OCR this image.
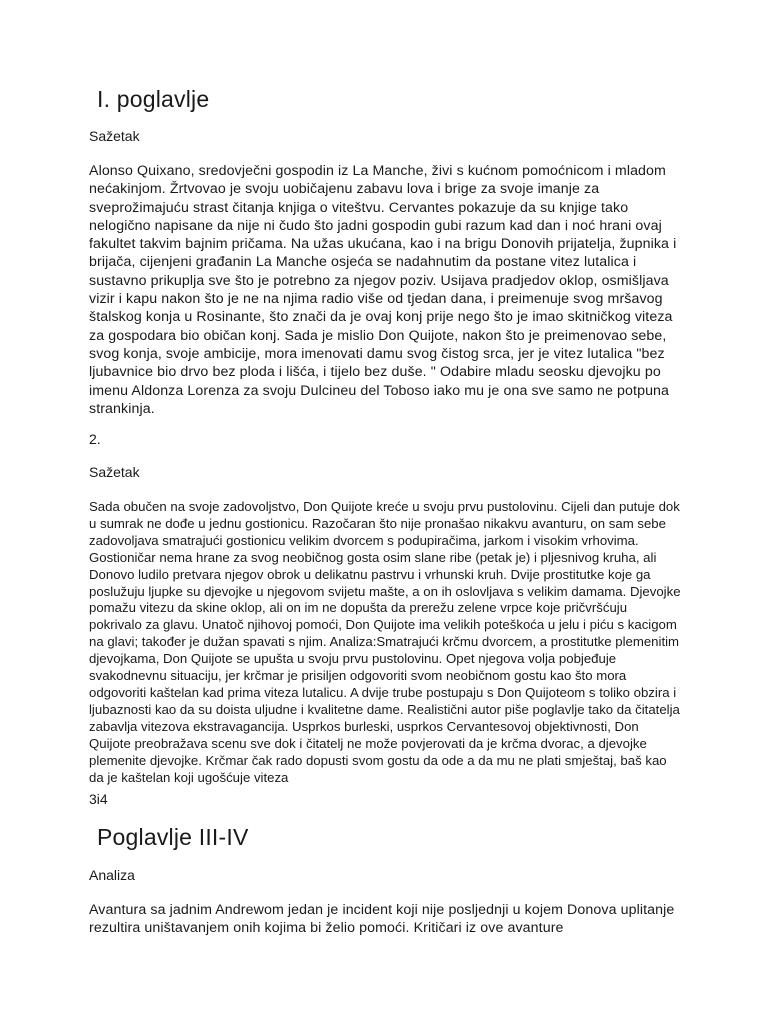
I. poglavlje

Sažetak

Alonso Quixano, sredovječni gospodin iz La Manche, živi s kućnom pomoćnicom i mladom nećakinjom. Žrtvovao je svoju uobičajenu zabavu lova i brige za svoje imanje za sveprožimajuću strast čitanja knjiga o viteštvu. Cervantes pokazuje da su knjige tako nelogično napisane da nije ni čudo što jadni gospodin gubi razum kad dan i noć hrani ovaj fakultet takvim bajnim pričama. Na užas ukućana, kao i na brigu Donovih prijatelja, župnika i brijača, cijenjeni građanin La Manche osjeća se nadahnutim da postane vitez lutalica i sustavno prikuplja sve što je potrebno za njegov poziv. Usijava pradjedov oklop, osmišljava vizir i kapu nakon što je ne na njima radio više od tjedan dana, i preimenuje svog mršavog štalskog konja u Rosinante, što znači da je ovaj konj prije nego što je imao skitničkog viteza za gospodara bio običan konj. Sada je mislio Don Quijote, nakon što je preimenovao sebe, svog konja, svoje ambicije, mora imenovati damu svog čistog srca, jer je vitez lutalica "bez ljubavnice bio drvo bez ploda i lišća, i tijelo bez duše. " Odabire mladu seosku djevojku po imenu Aldonza Lorenza za svoju Dulcineu del Toboso iako mu je ona sve samo ne potpuna strankinja.

2.

Sažetak

Sada obučen na svoje zadovoljstvo, Don Quijote kreće u svoju prvu pustolovinu. Cijeli dan putuje dok u sumrak ne dođe u jednu gostionicu. Razočaran što nije pronašao nikakvu avanturu, on sam sebe zadovoljava smatrajući gostionicu velikim dvorcem s podupiračima, jarkom i visokim vrhovima. Gostioničar nema hrane za svog neobičnog gosta osim slane ribe (petak je) i pljesnivog kruha, ali Donovo ludilo pretvara njegov obrok u delikatnu pastrvu i vrhunski kruh. Dvije prostitutke koje ga poslužuju ljupke su djevojke u njegovom svijetu mašte, a on ih oslovljava s velikim damama. Djevojke pomažu vitezu da skine oklop, ali on im ne dopušta da prerežu zelene vrpce koje pričvršćuju pokrivalo za glavu. Unatoč njihovoj pomoći, Don Quijote ima velikih poteškoća u jelu i piću s kacigom na glavi; također je dužan spavati s njim. Analiza:Smatrajući krčmu dvorcem, a prostitutke plemenitim djevojkama, Don Quijote se upušta u svoju prvu pustolovinu. Opet njegova volja pobjeđuje svakodnevnu situaciju, jer krčmar je prisiljen odgovoriti svom neobičnom gostu kao što mora odgovoriti kaštelan kad prima viteza lutalicu. A dvije trube postupaju s Don Quijoteom s toliko obzira i ljubaznosti kao da su doista uljudne i kvalitetne dame. Realistični autor piše poglavlje tako da čitatelja zabavlja vitezova ekstravagancija. Usprkos burleski, usprkos Cervantesovoj objektivnosti, Don Quijote preobražava scenu sve dok i čitatelj ne može povjerovati da je krčma dvorac, a djevojke plemenite djevojke. Krčmar čak rado dopusti svom gostu da ode a da mu ne plati smještaj, baš kao da je kaštelan koji ugošćuje viteza

3i4

Poglavlje III-IV

Analiza

Avantura sa jadnim Andrewom jedan je incident koji nije posljednji u kojem Donova uplitanje rezultira uništavanjem onih kojima bi želio pomoći. Kritičari iz ove avanture
